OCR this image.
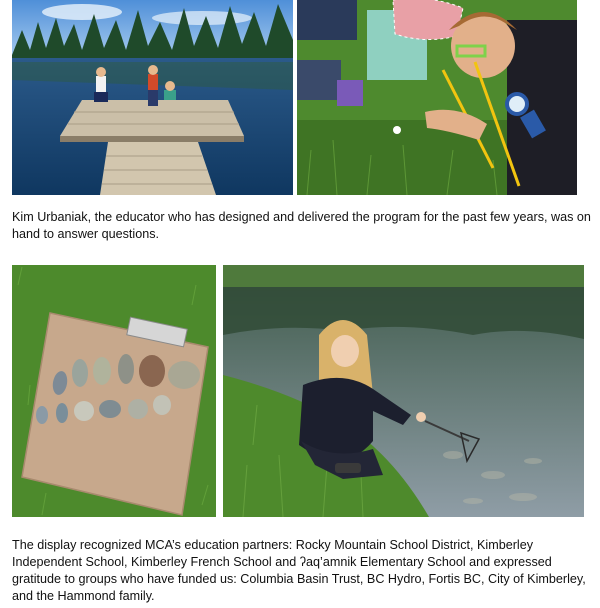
Kim Urbaniak, the educator who has designed and delivered the program for the past few years, was on hand to answer questions.

The display recognized MCA’s education partners: Rocky Mountain School District, Kimberley Independent School, Kimberley French School and ʔaq’amnik Elementary School and expressed gratitude to groups who have funded us: Columbia Basin Trust, BC Hydro, Fortis BC, City of Kimberley, and the Hammond family.
